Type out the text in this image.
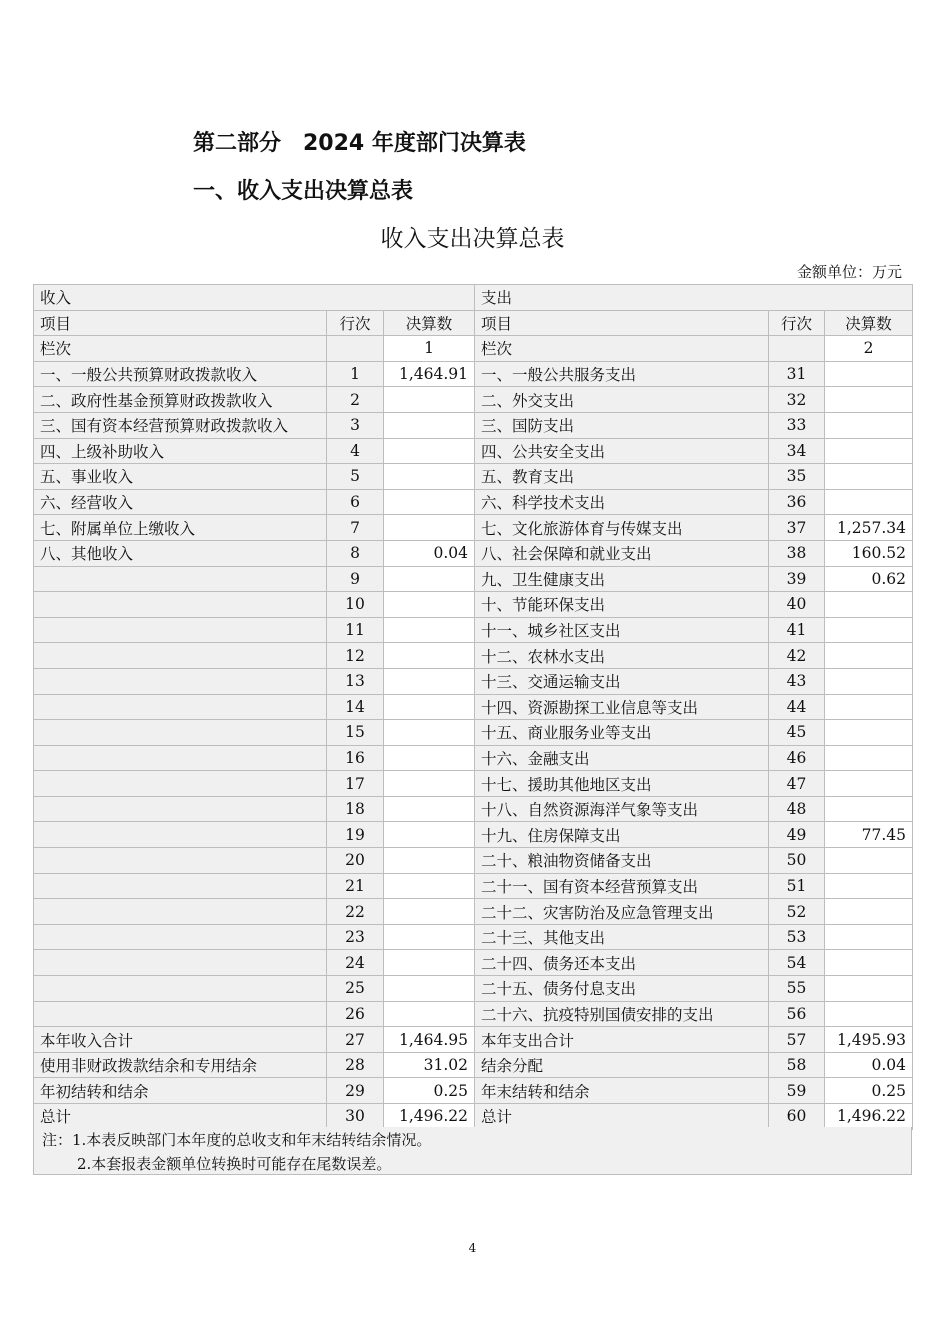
第二部分　2024 年度部门决算表
一、收入支出决算总表
收入支出决算总表
金额单位：万元
收入			支出		
项目	行次	决算数	项目	行次	决算数
栏次		1	栏次		2
一、一般公共预算财政拨款收入	1	1,464.91	一、一般公共服务支出	31	
二、政府性基金预算财政拨款收入	2		二、外交支出	32	
三、国有资本经营预算财政拨款收入	3		三、国防支出	33	
四、上级补助收入	4		四、公共安全支出	34	
五、事业收入	5		五、教育支出	35	
六、经营收入	6		六、科学技术支出	36	
七、附属单位上缴收入	7		七、文化旅游体育与传媒支出	37	1,257.34
八、其他收入	8	0.04	八、社会保障和就业支出	38	160.52
	9		九、卫生健康支出	39	0.62
	10		十、节能环保支出	40	
	11		十一、城乡社区支出	41	
	12		十二、农林水支出	42	
	13		十三、交通运输支出	43	
	14		十四、资源勘探工业信息等支出	44	
	15		十五、商业服务业等支出	45	
	16		十六、金融支出	46	
	17		十七、援助其他地区支出	47	
	18		十八、自然资源海洋气象等支出	48	
	19		十九、住房保障支出	49	77.45
	20		二十、粮油物资储备支出	50	
	21		二十一、国有资本经营预算支出	51	
	22		二十二、灾害防治及应急管理支出	52	
	23		二十三、其他支出	53	
	24		二十四、债务还本支出	54	
	25		二十五、债务付息支出	55	
	26		二十六、抗疫特别国债安排的支出	56	
本年收入合计	27	1,464.95	本年支出合计	57	1,495.93
使用非财政拨款结余和专用结余	28	31.02	结余分配	58	0.04
年初结转和结余	29	0.25	年末结转和结余	59	0.25
总计	30	1,496.22	总计	60	1,496.22
注：1.本表反映部门本年度的总收支和年末结转结余情况。
2.本套报表金额单位转换时可能存在尾数误差。
4
